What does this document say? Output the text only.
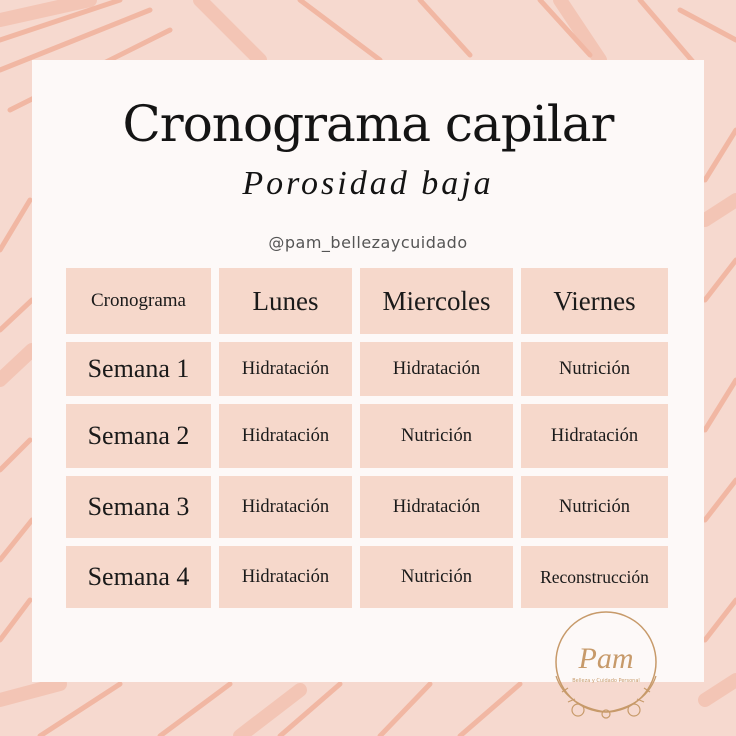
Cronograma capilar
Porosidad baja
@pam_bellezaycuidado
Cronograma	Lunes	Miercoles	Viernes
Semana 1	Hidratación	Hidratación	Nutrición
Semana 2	Hidratación	Nutrición	Hidratación
Semana 3	Hidratación	Hidratación	Nutrición
Semana 4	Hidratación	Nutrición	Reconstrucción
Pam
Belleza y Cuidado Personal
